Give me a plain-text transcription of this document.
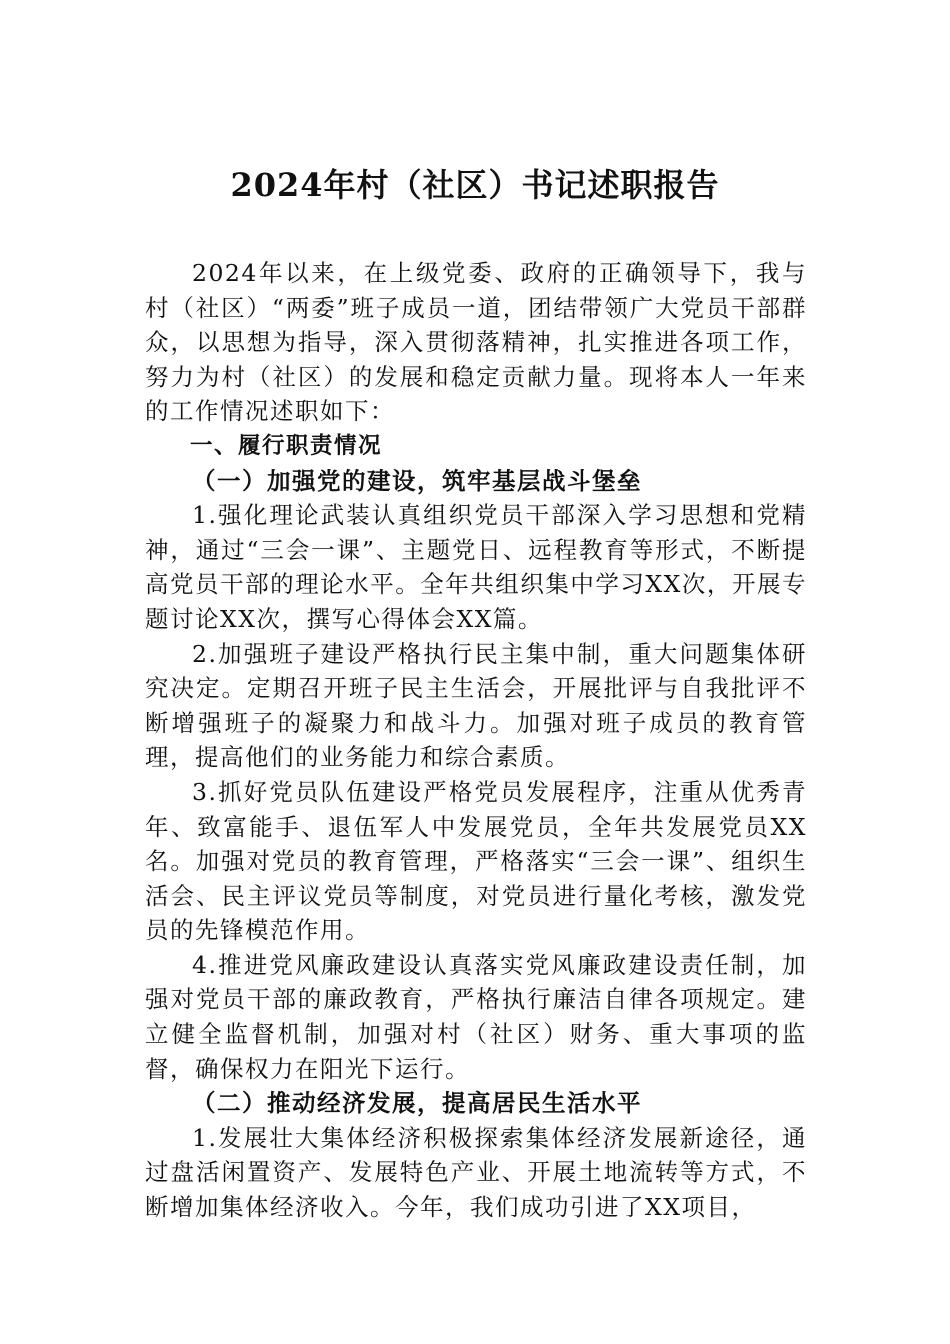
2024年村（社区）书记述职报告

2024年以来，在上级党委、政府的正确领导下，我与村（社区）“两委”班子成员一道，团结带领广大党员干部群众，以思想为指导，深入贯彻落精神，扎实推进各项工作，努力为村（社区）的发展和稳定贡献力量。现将本人一年来的工作情况述职如下：

一、履行职责情况

（一）加强党的建设，筑牢基层战斗堡垒

1.强化理论武装认真组织党员干部深入学习思想和党精神，通过“三会一课”、主题党日、远程教育等形式，不断提高党员干部的理论水平。全年共组织集中学习XX次，开展专题讨论XX次，撰写心得体会XX篇。

2.加强班子建设严格执行民主集中制，重大问题集体研究决定。定期召开班子民主生活会，开展批评与自我批评不断增强班子的凝聚力和战斗力。加强对班子成员的教育管理，提高他们的业务能力和综合素质。

3.抓好党员队伍建设严格党员发展程序，注重从优秀青年、致富能手、退伍军人中发展党员，全年共发展党员XX名。加强对党员的教育管理，严格落实“三会一课”、组织生活会、民主评议党员等制度，对党员进行量化考核，激发党员的先锋模范作用。

4.推进党风廉政建设认真落实党风廉政建设责任制，加强对党员干部的廉政教育，严格执行廉洁自律各项规定。建立健全监督机制，加强对村（社区）财务、重大事项的监督，确保权力在阳光下运行。

（二）推动经济发展，提高居民生活水平

1.发展壮大集体经济积极探索集体经济发展新途径，通过盘活闲置资产、发展特色产业、开展土地流转等方式，不断增加集体经济收入。今年，我们成功引进了XX项目，
